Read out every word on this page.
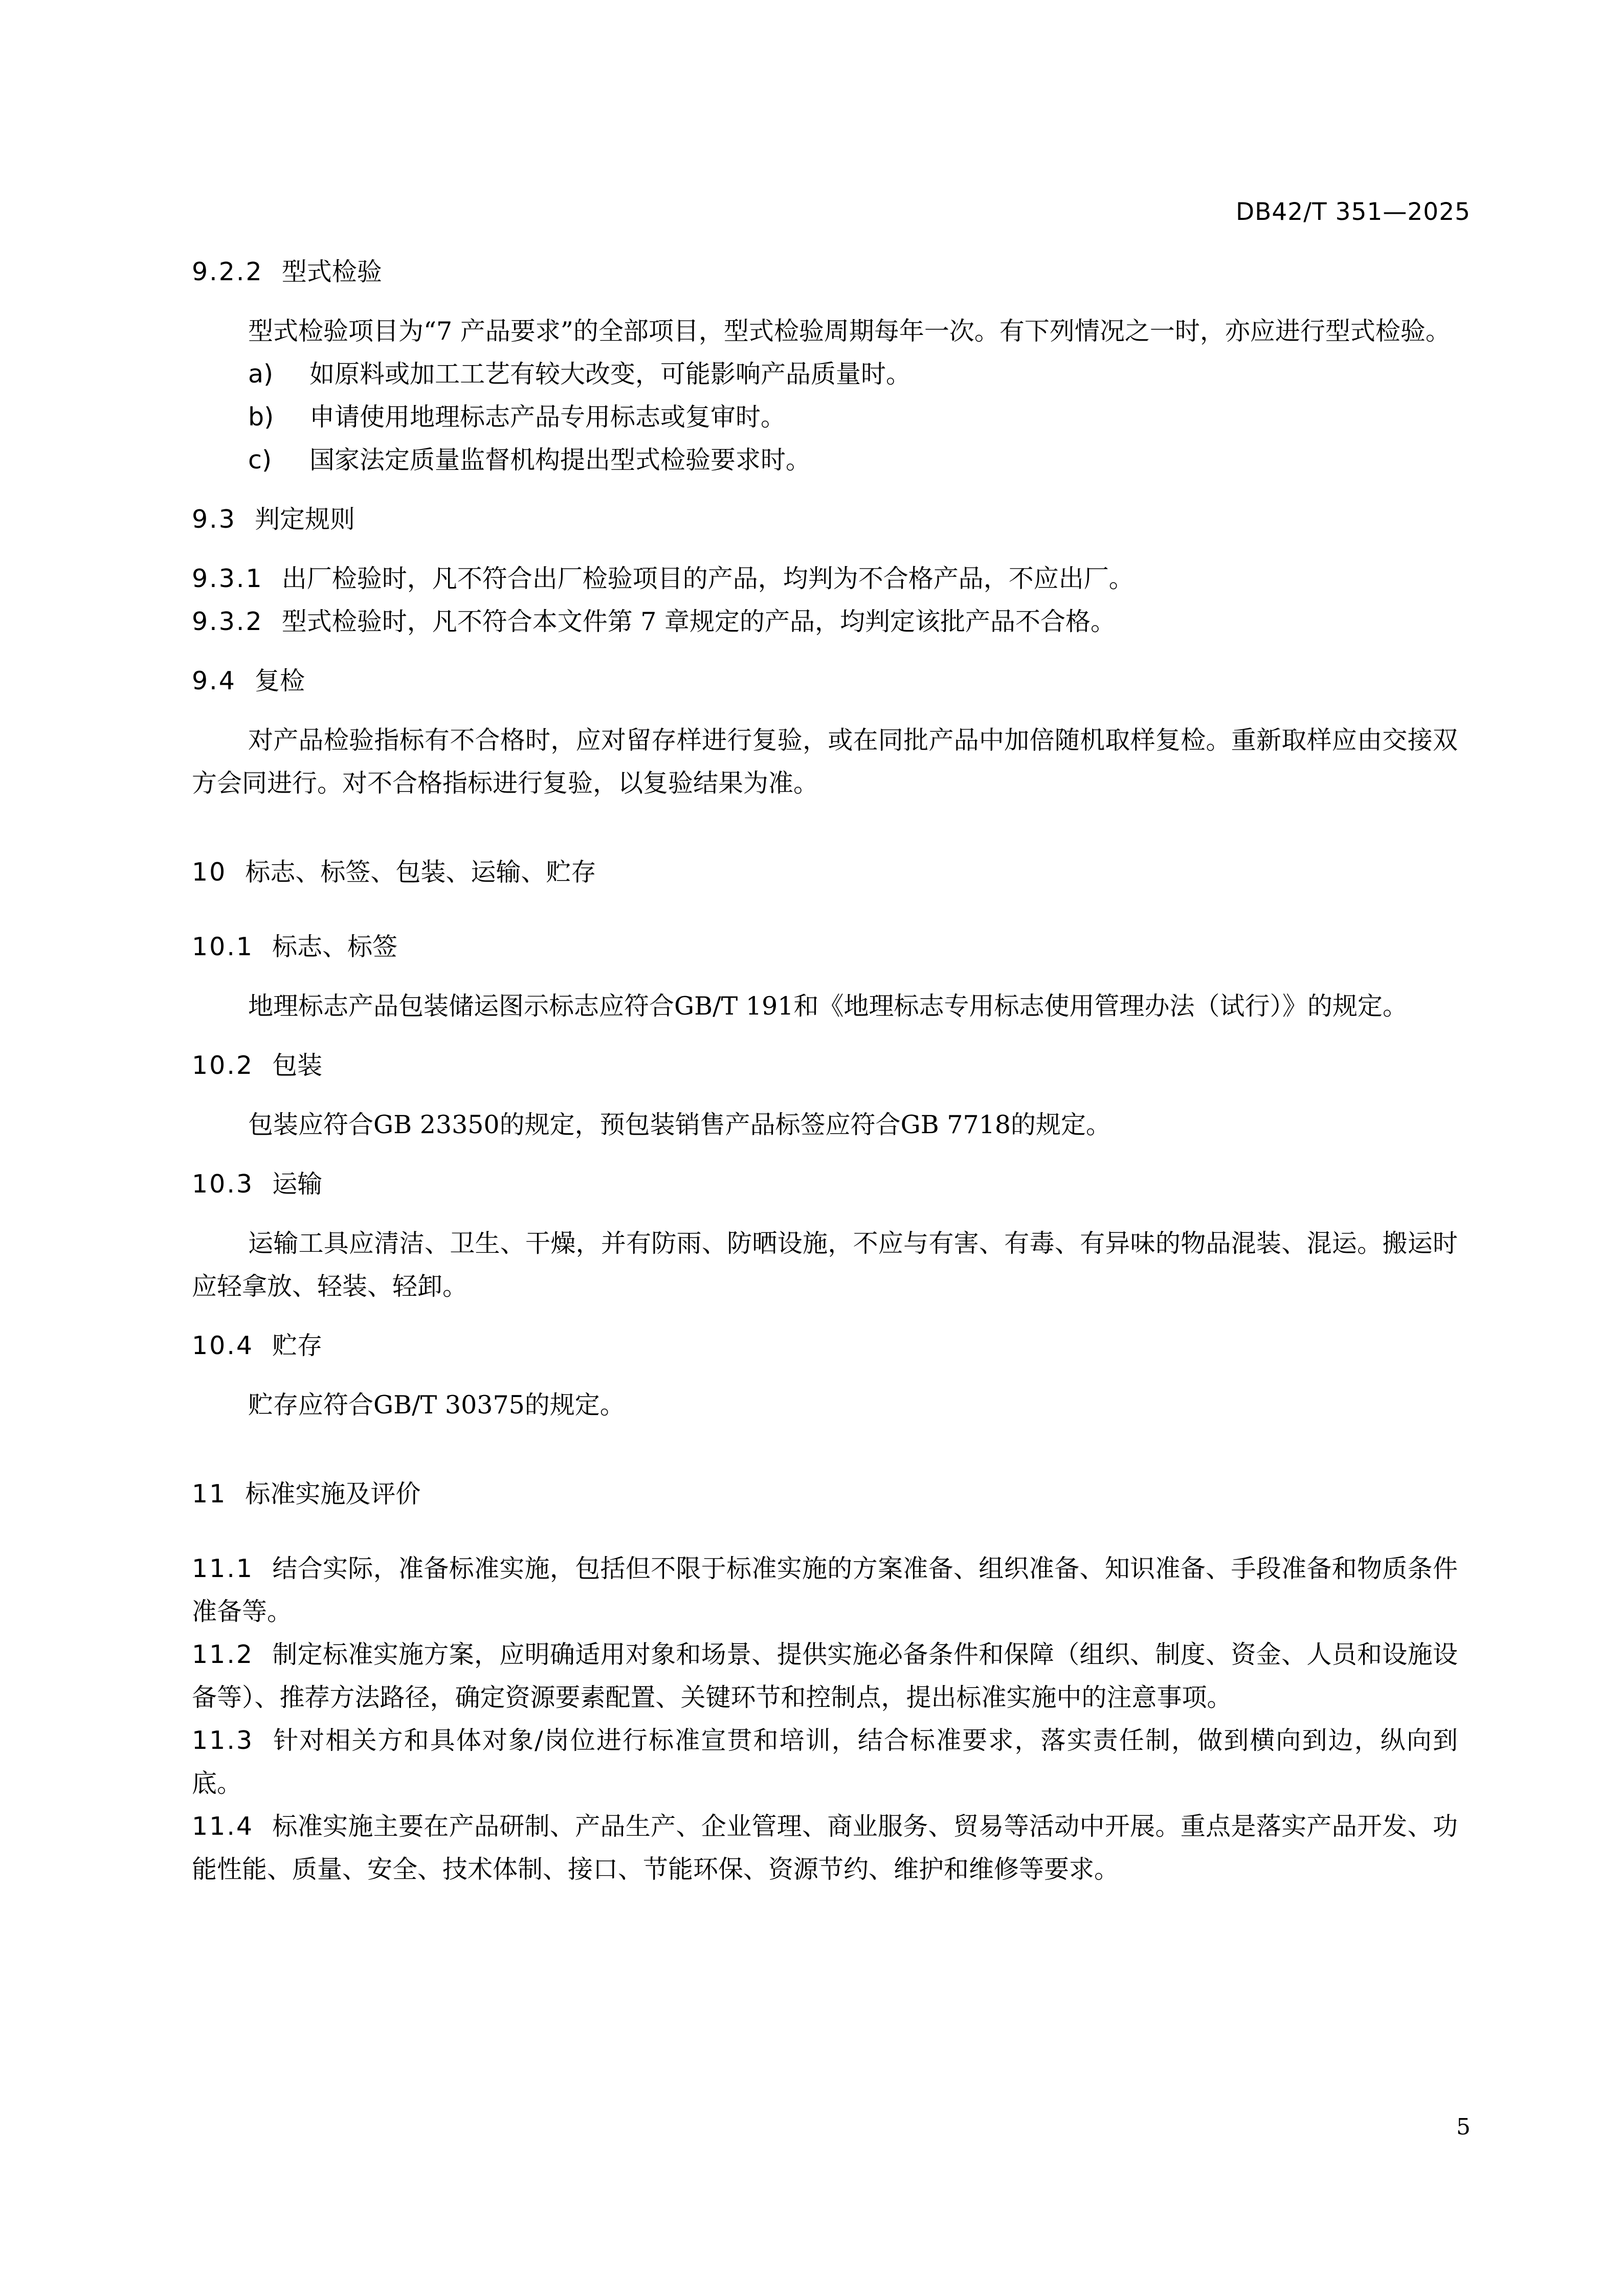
DB42/T 351—2025
9.2.2 型式检验
型式检验项目为“7 产品要求”的全部项目，型式检验周期每年一次。有下列情况之一时，亦应进行型式检验。
a) 如原料或加工工艺有较大改变，可能影响产品质量时。
b) 申请使用地理标志产品专用标志或复审时。
c) 国家法定质量监督机构提出型式检验要求时。
9.3 判定规则
9.3.1 出厂检验时，凡不符合出厂检验项目的产品，均判为不合格产品，不应出厂。
9.3.2 型式检验时，凡不符合本文件第 7 章规定的产品，均判定该批产品不合格。
9.4 复检
对产品检验指标有不合格时，应对留存样进行复验，或在同批产品中加倍随机取样复检。重新取样应由交接双方会同进行。对不合格指标进行复验，以复验结果为准。
10 标志、标签、包装、运输、贮存
10.1 标志、标签
地理标志产品包装储运图示标志应符合GB/T 191和《地理标志专用标志使用管理办法（试行）》的规定。
10.2 包装
包装应符合GB 23350的规定，预包装销售产品标签应符合GB 7718的规定。
10.3 运输
运输工具应清洁、卫生、干燥，并有防雨、防晒设施，不应与有害、有毒、有异味的物品混装、混运。搬运时应轻拿放、轻装、轻卸。
10.4 贮存
贮存应符合GB/T 30375的规定。
11 标准实施及评价
11.1 结合实际，准备标准实施，包括但不限于标准实施的方案准备、组织准备、知识准备、手段准备和物质条件准备等。
11.2 制定标准实施方案，应明确适用对象和场景、提供实施必备条件和保障（组织、制度、资金、人员和设施设备等）、推荐方法路径，确定资源要素配置、关键环节和控制点，提出标准实施中的注意事项。
11.3 针对相关方和具体对象/岗位进行标准宣贯和培训，结合标准要求，落实责任制，做到横向到边，纵向到底。
11.4 标准实施主要在产品研制、产品生产、企业管理、商业服务、贸易等活动中开展。重点是落实产品开发、功能性能、质量、安全、技术体制、接口、节能环保、资源节约、维护和维修等要求。
5
